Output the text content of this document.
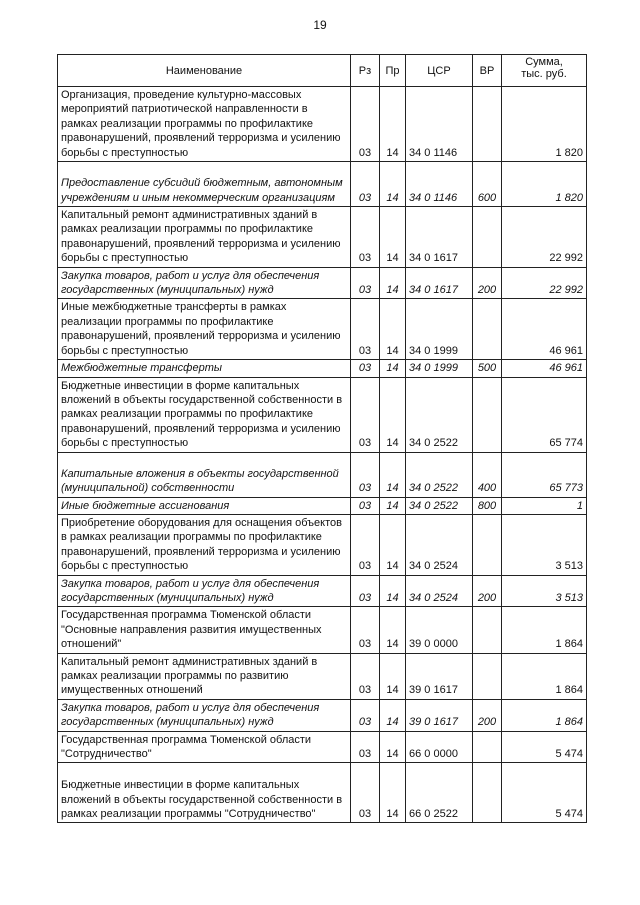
19
Наименование	Рз	Пр	ЦСР	ВР	Сумма,
тыс. руб.

Организация, проведение культурно-массовых мероприятий патриотической направленности в рамках реализации программы по профилактике правонарушений, проявлений терроризма и усилению борьбы с преступностью	03	14	34 0 1146		1 820
Предоставление субсидий бюджетным, автономным учреждениям и иным некоммерческим организациям	03	14	34 0 1146	600	1 820
Капитальный ремонт административных зданий в рамках реализации программы по профилактике правонарушений, проявлений терроризма и усилению борьбы с преступностью	03	14	34 0 1617		22 992
Закупка товаров, работ и услуг для обеспечения государственных (муниципальных) нужд	03	14	34 0 1617	200	22 992
Иные межбюджетные трансферты в рамках реализации программы по профилактике правонарушений, проявлений терроризма и усилению борьбы с преступностью	03	14	34 0 1999		46 961
Межбюджетные трансферты	03	14	34 0 1999	500	46 961
Бюджетные инвестиции в форме капитальных вложений в объекты государственной собственности в рамках реализации программы по профилактике правонарушений, проявлений терроризма и усилению борьбы с преступностью	03	14	34 0 2522		65 774
Капитальные вложения в объекты государственной (муниципальной) собственности	03	14	34 0 2522	400	65 773
Иные бюджетные ассигнования	03	14	34 0 2522	800	1
Приобретение оборудования для оснащения объектов в рамках реализации программы по профилактике правонарушений, проявлений терроризма и усилению борьбы с преступностью	03	14	34 0 2524		3 513
Закупка товаров, работ и услуг для обеспечения государственных (муниципальных) нужд	03	14	34 0 2524	200	3 513
Государственная программа Тюменской области "Основные направления развития имущественных отношений"	03	14	39 0 0000		1 864
Капитальный ремонт административных зданий в рамках реализации программы по развитию имущественных отношений	03	14	39 0 1617		1 864
Закупка товаров, работ и услуг для обеспечения государственных (муниципальных) нужд	03	14	39 0 1617	200	1 864
Государственная программа Тюменской области "Сотрудничество"	03	14	66 0 0000		5 474
Бюджетные инвестиции в форме капитальных вложений в объекты государственной собственности в рамках реализации программы "Сотрудничество"	03	14	66 0 2522		5 474
